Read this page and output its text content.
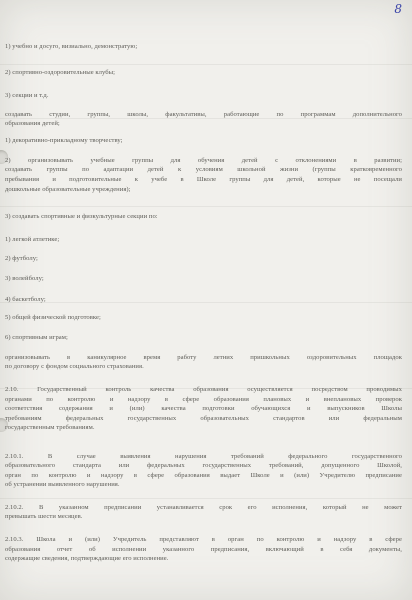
8
1) учебно и досуго, визиально, демонстратую;
2) спортивно-оздоровительные клубы;
3) секции и т.д.
создавать студии, группы, школы, факультативы, работающие по программам дополнительного
образования детей;
1) декоративно-прикладному творчеству;
2) организовывать учебные группы для обучения детей с отклонениями в развитии;
создавать группы по адаптации детей к условиям школьной жизни (группы кратковременного
пребывания и подготовительные к учебе в Школе группы для детей, которые не посещали
дошкольные образовательные учреждения);
3) создавать спортивные и физкультурные секции по:
1) легкой атлетике;
2) футболу;
3) волейболу;
4) баскетболу;
5) общей физической подготовке;
6) спортивным играм;
организовывать в каникулярное время работу летних пришкольных оздоровительных площадок
по договору с фондом социального страхования.
2.10. Государственный контроль качества образования осуществляется посредством проводимых
органами по контролю и надзору в сфере образования плановых и внеплановых проверок
соответствия содержания и (или) качества подготовки обучающихся и выпускников Школы
требованиям федеральных государственных образовательных стандартов или федеральным
государственным требованиям.
2.10.1. В случае выявления нарушения требований федерального государственного
образовательного стандарта или федеральных государственных требований, допущенного Школой,
орган по контролю и надзору в сфере образования выдает Школе и (или) Учредителю предписание
об устранении выявленного нарушения.
2.10.2. В указанном предписании устанавливается срок его исполнения, который не может
превышать шести месяцев.
2.10.3. Школа и (или) Учредитель представляют в орган по контролю и надзору в сфере
образования отчет об исполнении указанного предписания, включающий в себя документы,
содержащие сведения, подтверждающие его исполнение.
